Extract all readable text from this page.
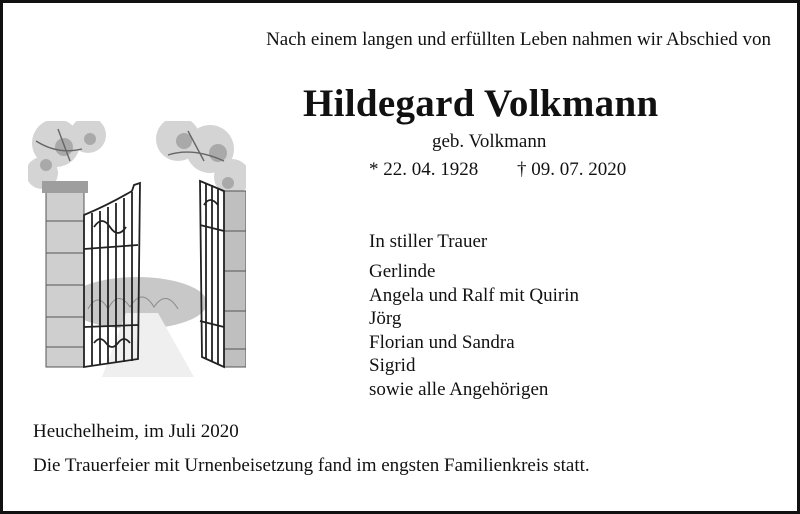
Nach einem langen und erfüllten Leben nahmen wir Abschied von
Hildegard Volkmann
geb. Volkmann
* 22. 04. 1928 † 09. 07. 2020
In stiller Trauer
Gerlinde
Angela und Ralf mit Quirin
Jörg
Florian und Sandra
Sigrid
sowie alle Angehörigen
Heuchelheim, im Juli 2020
Die Trauerfeier mit Urnenbeisetzung fand im engsten Familienkreis statt.
